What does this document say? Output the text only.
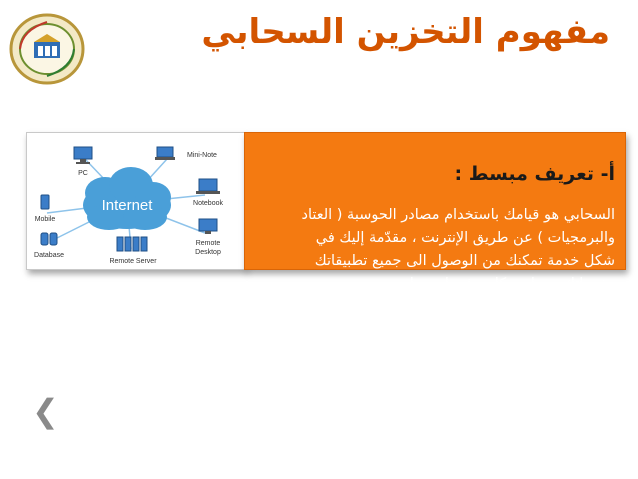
مفهوم التخزين السحابي
Internet
PC
Mini-Note
Notebook
Remote
Desktop
Remote Server
Database
Mobile
أ- تعريف مبسط :
السحابي هو قيامك باستخدام مصادر الحوسبة ( العتاد
والبرمجيات ) عن طريق الإنترنت ، مقدّمة إليك في
شكل خدمة تمكنك من الوصول الى جميع تطبيقاتك
وخدماتك من اي مكان وفي اي زمان .
❮
